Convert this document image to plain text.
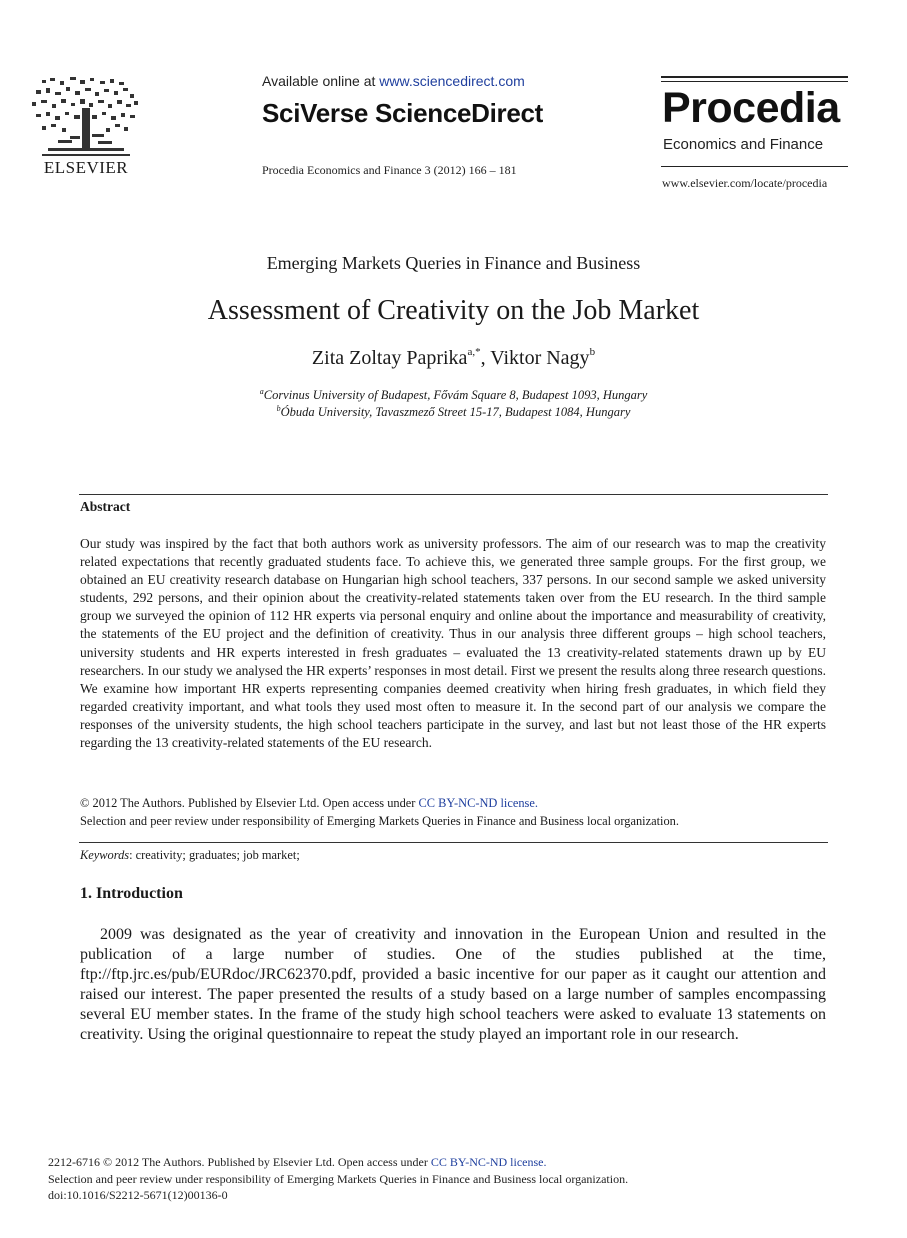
ELSEVIER
Available online at www.sciencedirect.com
SciVerse ScienceDirect
Procedia Economics and Finance 3 (2012) 166 – 181
Procedia
Economics and Finance
www.elsevier.com/locate/procedia
Emerging Markets Queries in Finance and Business
Assessment of Creativity on the Job Market
Zita Zoltay Paprika$^{a,*}$, Viktor Nagy$^b$
$^a$Corvinus University of Budapest, Fővám Square 8, Budapest 1093, Hungary
$^b$Óbuda University, Tavaszmező Street 15-17, Budapest 1084, Hungary
Abstract
Our study was inspired by the fact that both authors work as university professors. The aim of our research was to map the creativity related expectations that recently graduated students face. To achieve this, we generated three sample groups. For the first group, we obtained an EU creativity research database on Hungarian high school teachers, 337 persons. In our second sample we asked university students, 292 persons, and their opinion about the creativity-related statements taken over from the EU research. In the third sample group we surveyed the opinion of 112 HR experts via personal enquiry and online about the importance and measurability of creativity, the statements of the EU project and the definition of creativity. Thus in our analysis three different groups – high school teachers, university students and HR experts interested in fresh graduates – evaluated the 13 creativity-related statements drawn up by EU researchers. In our study we analysed the HR experts’ responses in most detail. First we present the results along three research questions. We examine how important HR experts representing companies deemed creativity when hiring fresh graduates, in which field they regarded creativity important, and what tools they used most often to measure it. In the second part of our analysis we compare the responses of the university students, the high school teachers participate in the survey, and last but not least those of the HR experts regarding the 13 creativity-related statements of the EU research.
© 2012 The Authors. Published by Elsevier Ltd. Open access under CC BY-NC-ND license.
Selection and peer review under responsibility of Emerging Markets Queries in Finance and Business local organization.
Keywords: creativity; graduates; job market;
1. Introduction
2009 was designated as the year of creativity and innovation in the European Union and resulted in the publication of a large number of studies. One of the studies published at the time, ftp://ftp.jrc.es/pub/EURdoc/JRC62370.pdf, provided a basic incentive for our paper as it caught our attention and raised our interest. The paper presented the results of a study based on a large number of samples encompassing several EU member states. In the frame of the study high school teachers were asked to evaluate 13 statements on creativity. Using the original questionnaire to repeat the study played an important role in our research.
2212-6716 © 2012 The Authors. Published by Elsevier Ltd. Open access under CC BY-NC-ND license.
Selection and peer review under responsibility of Emerging Markets Queries in Finance and Business local organization.
doi:10.1016/S2212-5671(12)00136-0
